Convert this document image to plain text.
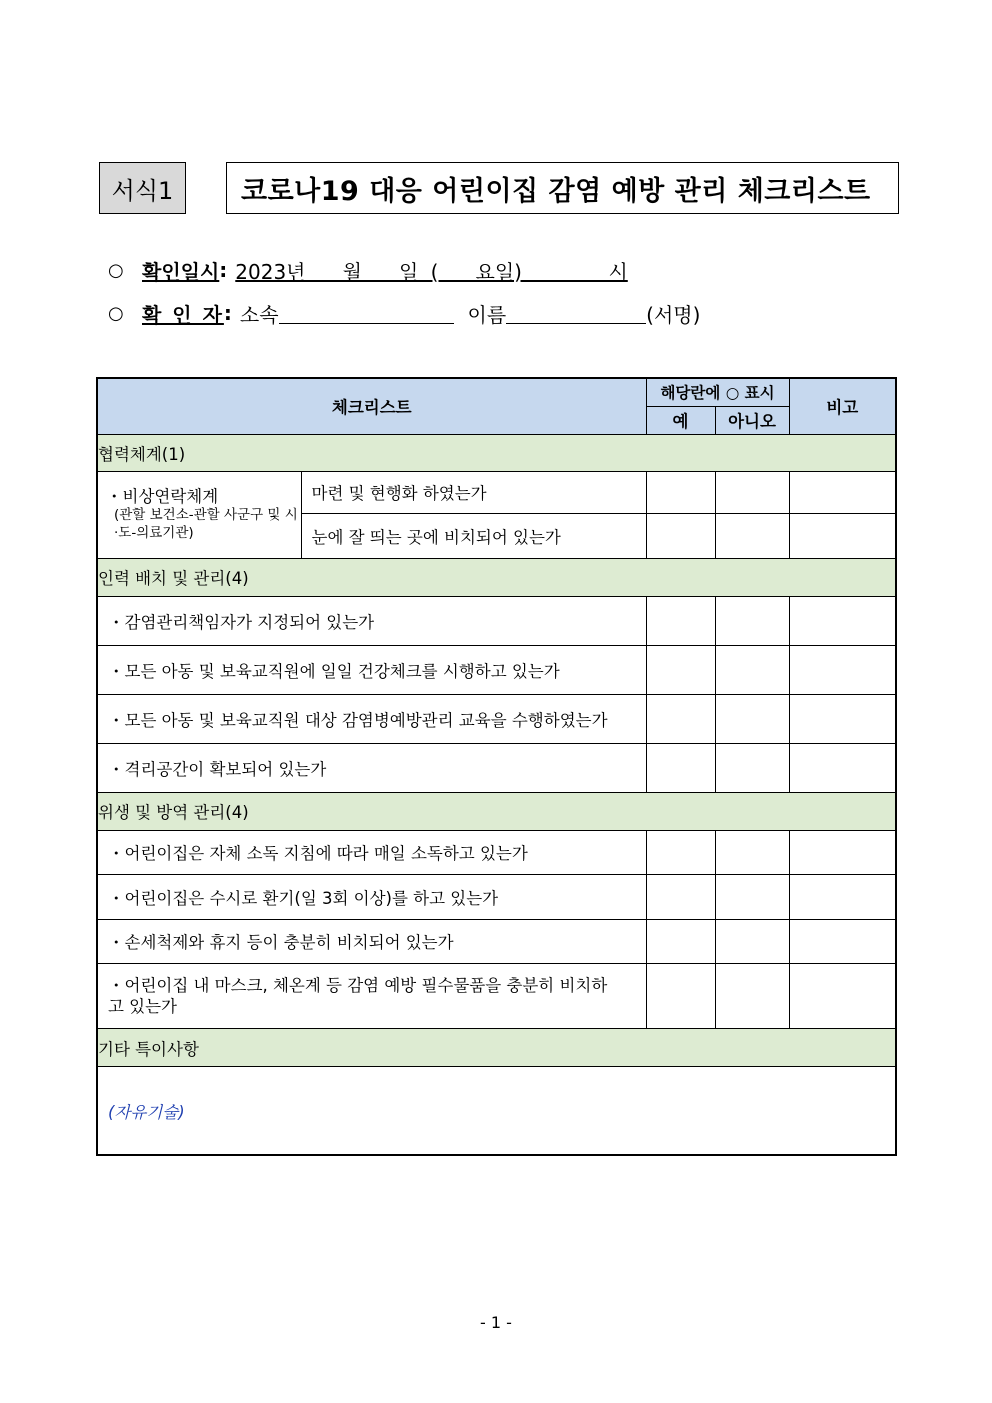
서식1	코로나19 대응 어린이집 감염 예방 관리 체크리스트
○ 확인일시 : 2023년   월   일 (   요일)       시
○ 확 인 자 : 소속	이름	(서명)
체크리스트		해당란에 ○ 표시		비고
		예	아니오	
협력체계(1)				
・비상연락체계
(관할 보건소-관할 사군구 및 시·도-의료기관)	마련 및 현행화 하였는가			
	눈에 잘 띄는 곳에 비치되어 있는가			
인력 배치 및 관리(4)				
・감염관리책임자가 지정되어 있는가				
・모든 아동 및 보육교직원에 일일 건강체크를 시행하고 있는가				
・모든 아동 및 보육교직원 대상 감염병예방관리 교육을 수행하였는가				
・격리공간이 확보되어 있는가				
위생 및 방역 관리(4)				
・어린이집은 자체 소독 지침에 따라 매일 소독하고 있는가				
・어린이집은 수시로 환기(일 3회 이상)를 하고 있는가				
・손세척제와 휴지 등이 충분히 비치되어 있는가				
・어린이집 내 마스크, 체온계 등 감염 예방 필수물품을 충분히 비치하고 있는가				
기타 특이사항				
(자유기술)				
- 1 -
